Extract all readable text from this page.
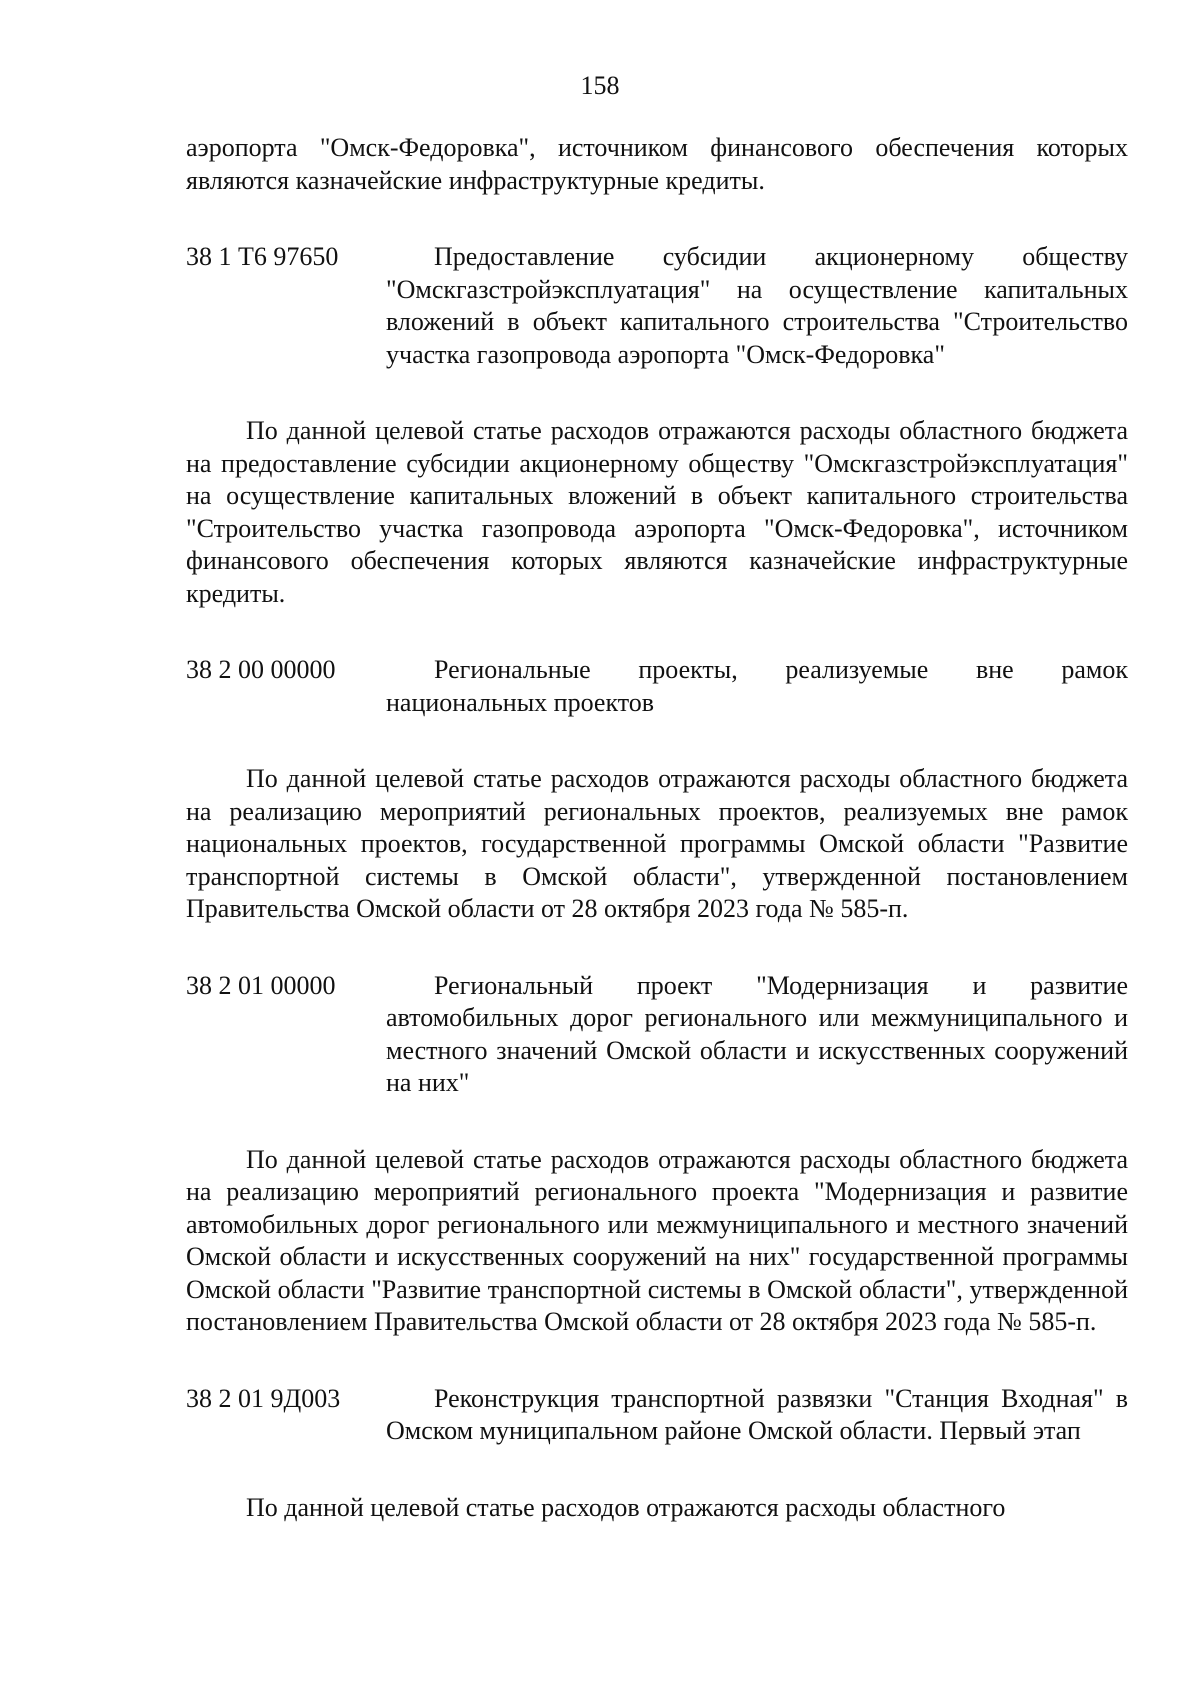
158

аэропорта "Омск-Федоровка", источником финансового обеспечения которых являются казначейские инфраструктурные кредиты.

38 1 Т6 97650	Предоставление субсидии акционерному обществу "Омскгазстройэксплуатация" на осуществление капитальных вложений в объект капитального строительства "Строительство участка газопровода аэропорта "Омск-Федоровка"

По данной целевой статье расходов отражаются расходы областного бюджета на предоставление субсидии акционерному обществу "Омскгазстройэксплуатация" на осуществление капитальных вложений в объект капитального строительства "Строительство участка газопровода аэропорта "Омск-Федоровка", источником финансового обеспечения которых являются казначейские инфраструктурные кредиты.

38 2 00 00000	Региональные проекты, реализуемые вне рамок национальных проектов

По данной целевой статье расходов отражаются расходы областного бюджета на реализацию мероприятий региональных проектов, реализуемых вне рамок национальных проектов, государственной программы Омской области "Развитие транспортной системы в Омской области", утвержденной постановлением Правительства Омской области от 28 октября 2023 года № 585-п.

38 2 01 00000	Региональный проект "Модернизация и развитие автомобильных дорог регионального или межмуниципального и местного значений Омской области и искусственных сооружений на них"

По данной целевой статье расходов отражаются расходы областного бюджета на реализацию мероприятий регионального проекта "Модернизация и развитие автомобильных дорог регионального или межмуниципального и местного значений Омской области и искусственных сооружений на них" государственной программы Омской области "Развитие транспортной системы в Омской области", утвержденной постановлением Правительства Омской области от 28 октября 2023 года № 585-п.

38 2 01 9Д003	Реконструкция транспортной развязки "Станция Входная" в Омском муниципальном районе Омской области. Первый этап

По данной целевой статье расходов отражаются расходы областного
